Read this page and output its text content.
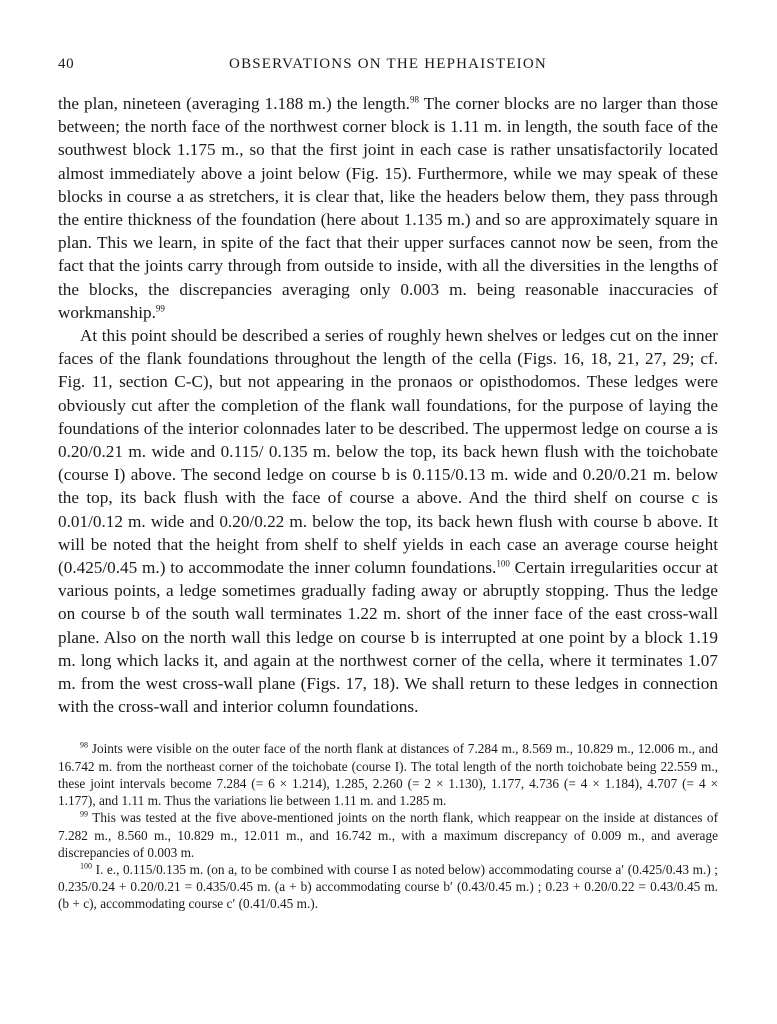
40	OBSERVATIONS ON THE HEPHAISTEION

the plan, nineteen (averaging 1.188 m.) the length.$^{98}$ The corner blocks are no larger than those between; the north face of the northwest corner block is 1.11 m. in length, the south face of the southwest block 1.175 m., so that the first joint in each case is rather unsatisfactorily located almost immediately above a joint below (Fig. 15). Furthermore, while we may speak of these blocks in course a as stretchers, it is clear that, like the headers below them, they pass through the entire thickness of the foundation (here about 1.135 m.) and so are approximately square in plan. This we learn, in spite of the fact that their upper surfaces cannot now be seen, from the fact that the joints carry through from outside to inside, with all the diversities in the lengths of the blocks, the discrepancies averaging only 0.003 m. being reasonable inaccuracies of workmanship.$^{99}$

At this point should be described a series of roughly hewn shelves or ledges cut on the inner faces of the flank foundations throughout the length of the cella (Figs. 16, 18, 21, 27, 29; cf. Fig. 11, section C-C), but not appearing in the pronaos or opisthodomos. These ledges were obviously cut after the completion of the flank wall foundations, for the purpose of laying the foundations of the interior colonnades later to be described. The uppermost ledge on course a is 0.20/0.21 m. wide and 0.115/ 0.135 m. below the top, its back hewn flush with the toichobate (course I) above. The second ledge on course b is 0.115/0.13 m. wide and 0.20/0.21 m. below the top, its back flush with the face of course a above. And the third shelf on course c is 0.01/0.12 m. wide and 0.20/0.22 m. below the top, its back hewn flush with course b above. It will be noted that the height from shelf to shelf yields in each case an average course height (0.425/0.45 m.) to accommodate the inner column foundations.$^{100}$ Certain irregularities occur at various points, a ledge sometimes gradually fading away or abruptly stopping. Thus the ledge on course b of the south wall terminates 1.22 m. short of the inner face of the east cross-wall plane. Also on the north wall this ledge on course b is interrupted at one point by a block 1.19 m. long which lacks it, and again at the northwest corner of the cella, where it terminates 1.07 m. from the west cross-wall plane (Figs. 17, 18). We shall return to these ledges in connection with the cross-wall and interior column foundations.

$^{98}$ Joints were visible on the outer face of the north flank at distances of 7.284 m., 8.569 m., 10.829 m., 12.006 m., and 16.742 m. from the northeast corner of the toichobate (course I). The total length of the north toichobate being 22.559 m., these joint intervals become 7.284 (= 6 × 1.214), 1.285, 2.260 (= 2 × 1.130), 1.177, 4.736 (= 4 × 1.184), 4.707 (= 4 × 1.177), and 1.11 m. Thus the variations lie between 1.11 m. and 1.285 m.

$^{99}$ This was tested at the five above-mentioned joints on the north flank, which reappear on the inside at distances of 7.282 m., 8.560 m., 10.829 m., 12.011 m., and 16.742 m., with a maximum discrepancy of 0.009 m., and average discrepancies of 0.003 m.

$^{100}$ I. e., 0.115/0.135 m. (on a, to be combined with course I as noted below) accommodating course a′ (0.425/0.43 m.) ; 0.235/0.24 + 0.20/0.21 = 0.435/0.45 m. (a + b) accommodating course b′ (0.43/0.45 m.) ; 0.23 + 0.20/0.22 = 0.43/0.45 m. (b + c), accommodating course c′ (0.41/0.45 m.).
